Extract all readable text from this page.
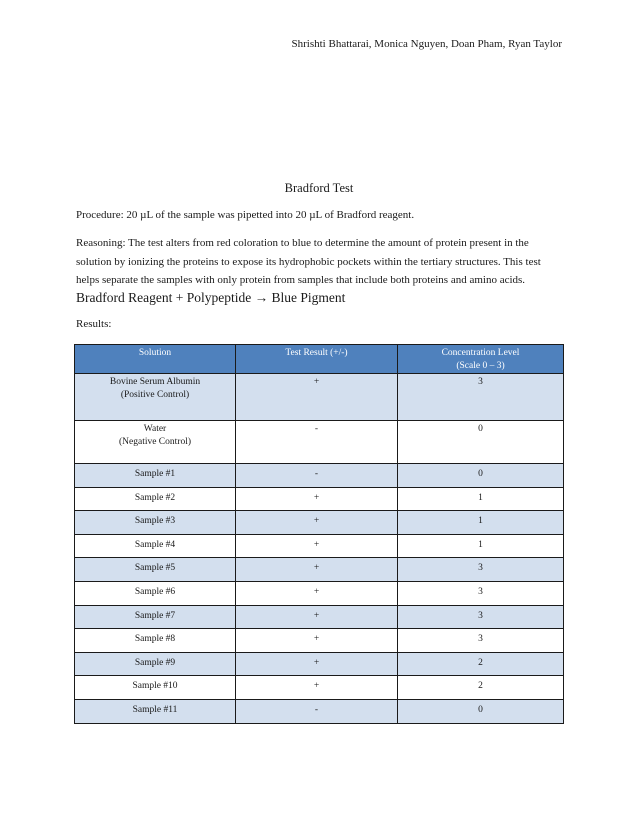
Shrishti Bhattarai, Monica Nguyen, Doan Pham, Ryan Taylor
Bradford Test
Procedure: 20 µL of the sample was pipetted into 20 µL of Bradford reagent.
Reasoning: The test alters from red coloration to blue to determine the amount of protein present in the solution by ionizing the proteins to expose its hydrophobic pockets within the tertiary structures. This test helps separate the samples with only protein from samples that include both proteins and amino acids.
Bradford Reagent + Polypeptide → Blue Pigment
Results:
Solution	Test Result (+/-)	Concentration Level
(Scale 0 – 3)
Bovine Serum Albumin
(Positive Control)	+	3
Water
(Negative Control)	-	0
Sample #1	-	0
Sample #2	+	1
Sample #3	+	1
Sample #4	+	1
Sample #5	+	3
Sample #6	+	3
Sample #7	+	3
Sample #8	+	3
Sample #9	+	2
Sample #10	+	2
Sample #11	-	0
